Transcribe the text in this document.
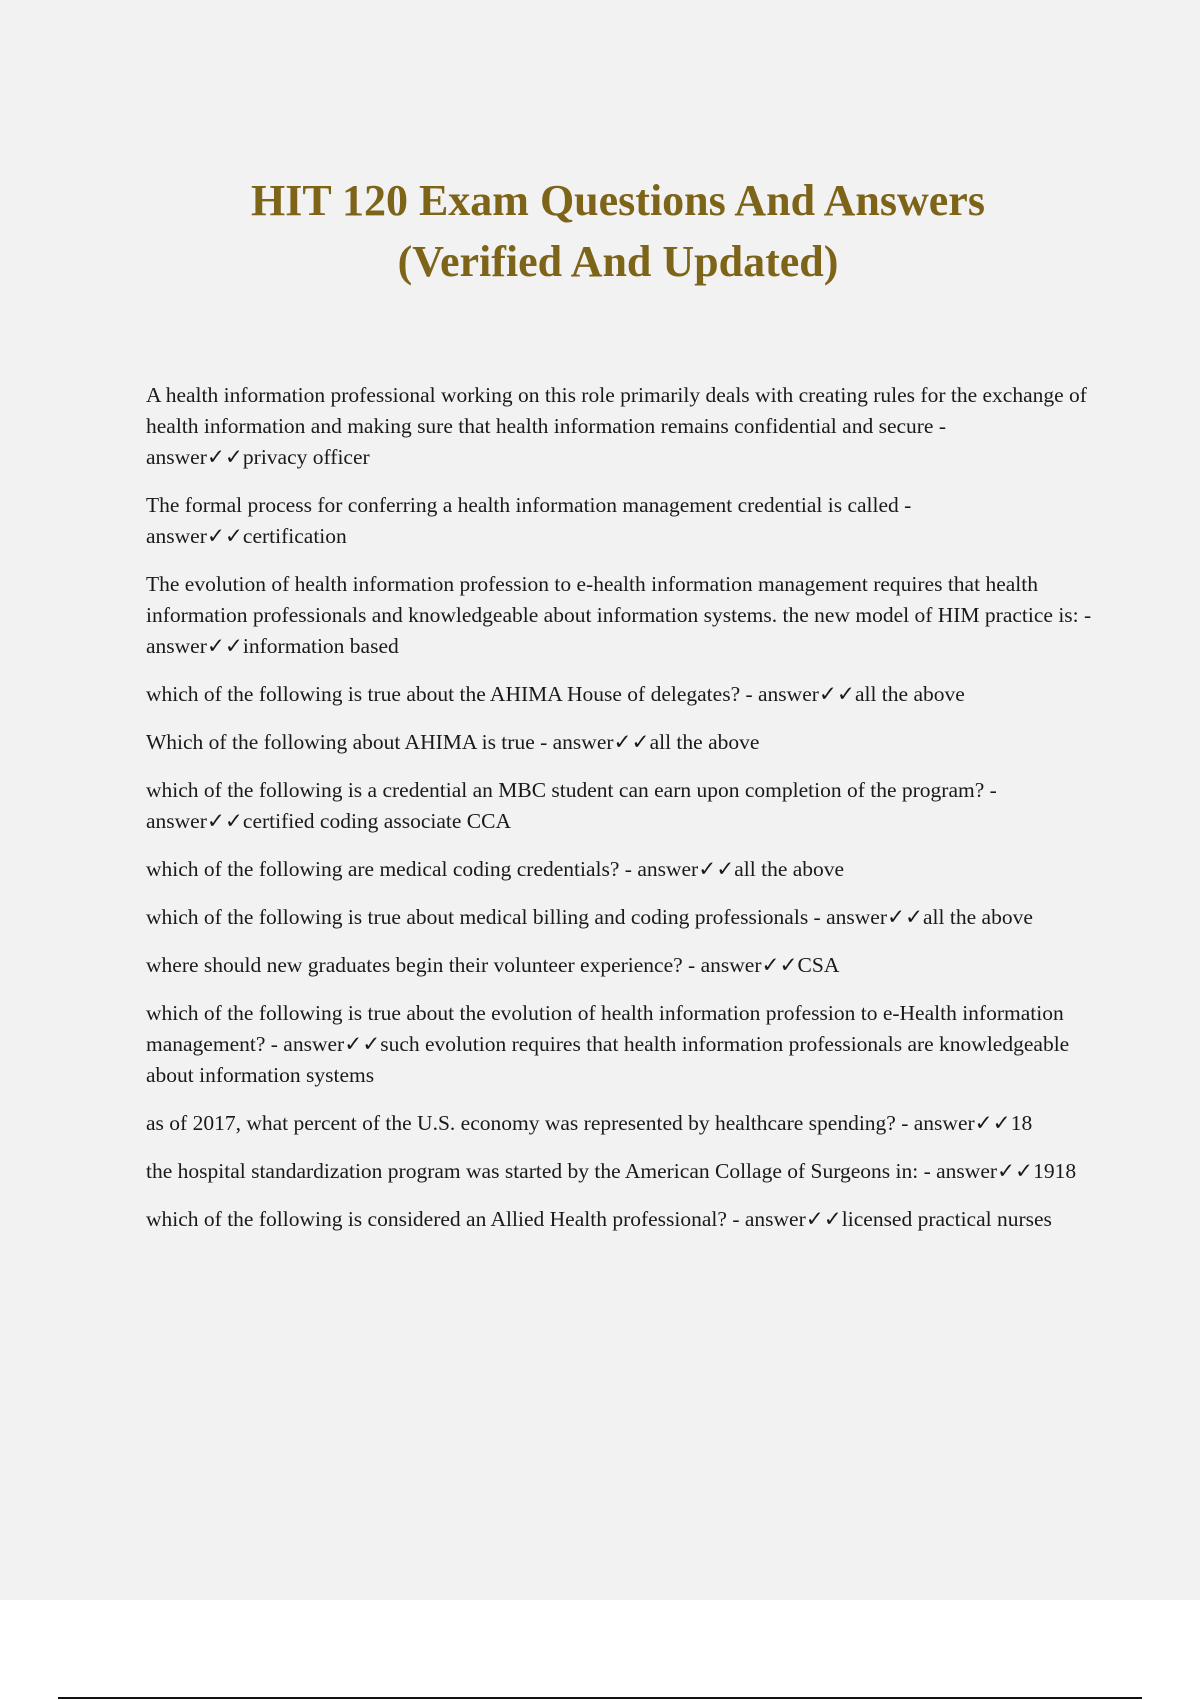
HIT 120 Exam Questions And Answers
(Verified And Updated)

A health information professional working on this role primarily deals with creating rules for the exchange of health information and making sure that health information remains confidential and secure - answer✓✓privacy officer

The formal process for conferring a health information management credential is called - answer✓✓certification

The evolution of health information profession to e-health information management requires that health information professionals and knowledgeable about information systems. the new model of HIM practice is: - answer✓✓information based

which of the following is true about the AHIMA House of delegates? - answer✓✓all the above

Which of the following about AHIMA is true - answer✓✓all the above

which of the following is a credential an MBC student can earn upon completion of the program? - answer✓✓certified coding associate CCA

which of the following are medical coding credentials? - answer✓✓all the above

which of the following is true about medical billing and coding professionals - answer✓✓all the above

where should new graduates begin their volunteer experience? - answer✓✓CSA

which of the following is true about the evolution of health information profession to e-Health information management? - answer✓✓such evolution requires that health information professionals are knowledgeable about information systems

as of 2017, what percent of the U.S. economy was represented by healthcare spending? - answer✓✓18

the hospital standardization program was started by the American Collage of Surgeons in: - answer✓✓1918

which of the following is considered an Allied Health professional? - answer✓✓licensed practical nurses
